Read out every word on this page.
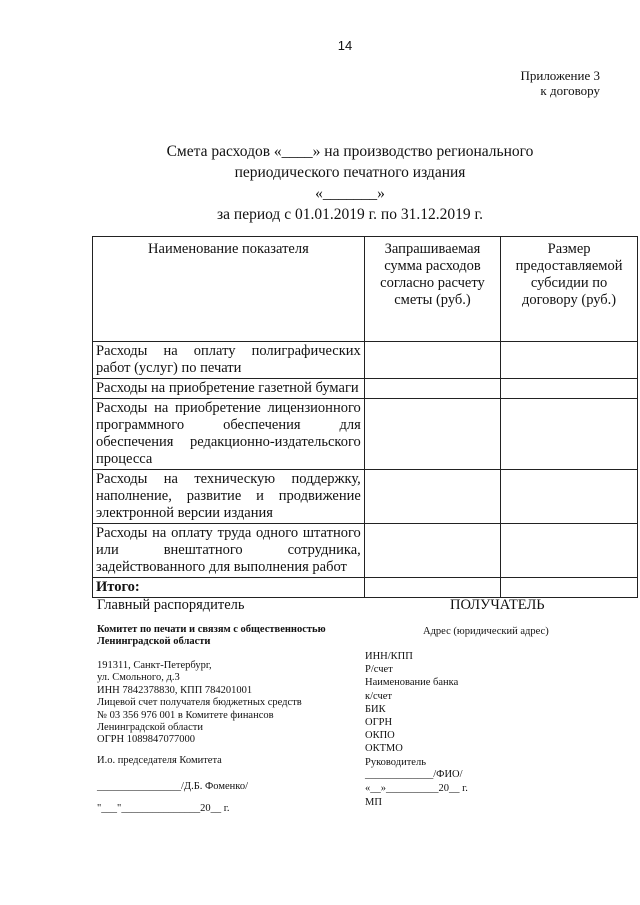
14
Приложение 3
к договору
Смета расходов «____» на производство регионального
периодического печатного издания
«_______»
за период с 01.01.2019 г. по 31.12.2019 г.
Наименование показателя	Запрашиваемая сумма расходов согласно расчету сметы (руб.)	Размер предоставляемой субсидии по договору (руб.)
Расходы на оплату полиграфических работ (услуг) по печати		
Расходы на приобретение газетной бумаги		
Расходы на приобретение лицензионного программного обеспечения для обеспечения редакционно-издательского процесса		
Расходы на техническую поддержку, наполнение, развитие и продвижение электронной версии издания		
Расходы на оплату труда одного штатного или внештатного сотрудника, задействованного для выполнения работ		
Итого:		
Главный распорядитель
Комитет по печати и связям с общественностью
Ленинградской области
191311, Санкт-Петербург,
ул. Смольного, д.3
ИНН 7842378830, КПП 784201001
Лицевой счет получателя бюджетных средств
№ 03 356 976 001 в Комитете финансов
Ленинградской области
ОГРН 1089847077000
И.о. председателя Комитета
________________/Д.Б. Фоменко/
"___"_______________20__ г.
ПОЛУЧАТЕЛЬ
Адрес (юридический адрес)
ИНН/КПП
Р/счет
Наименование банка
к/счет
БИК
ОГРН
ОКПО
ОКТМО
Руководитель
_____________/ФИО/
«__»__________20__ г.
МП
